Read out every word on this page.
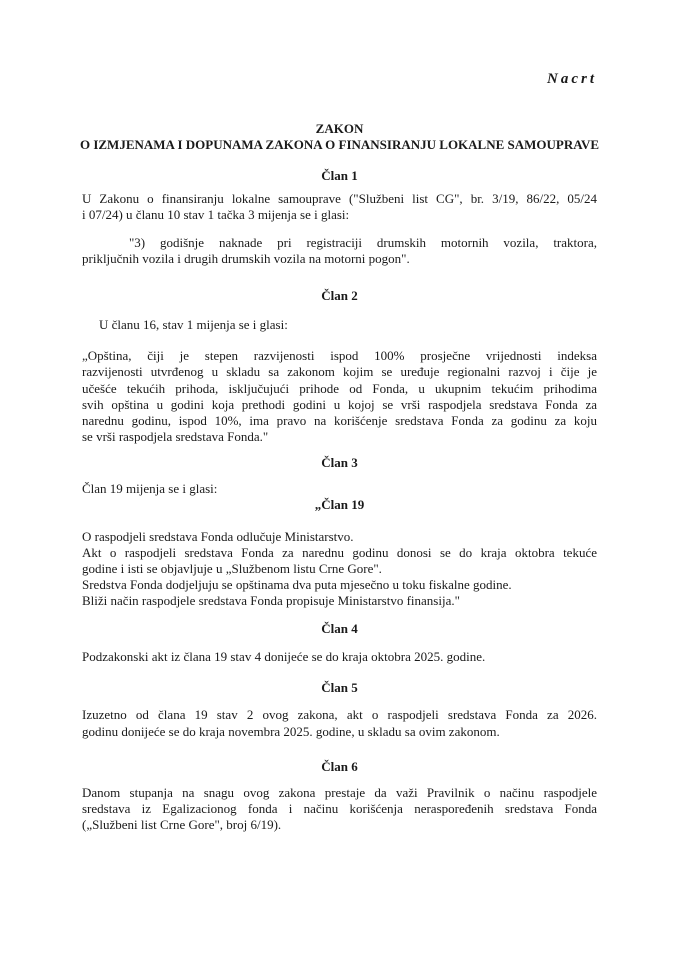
Nacrt
ZAKON
O IZMJENAMA I DOPUNAMA ZAKONA O FINANSIRANJU LOKALNE SAMOUPRAVE
Član 1
U Zakonu o finansiranju lokalne samouprave ("Službeni list CG", br. 3/19, 86/22, 05/24
i 07/24) u članu 10 stav 1 tačka 3 mijenja se i glasi:
"3) godišnje naknade pri registraciji drumskih motornih vozila, traktora,
priključnih vozila i drugih drumskih vozila na motorni pogon".
Član 2
U članu 16, stav 1 mijenja se i glasi:
„Opština, čiji je stepen razvijenosti ispod 100% prosječne vrijednosti indeksa
razvijenosti utvrđenog u skladu sa zakonom kojim se uređuje regionalni razvoj i čije je
učešće tekućih prihoda, isključujući prihode od Fonda, u ukupnim tekućim prihodima
svih opština u godini koja prethodi godini u kojoj se vrši raspodjela sredstava Fonda za
narednu godinu, ispod 10%, ima pravo na korišćenje sredstava Fonda za godinu za koju
se vrši raspodjela sredstava Fonda."
Član 3
Član 19 mijenja se i glasi:
„Član 19
O raspodjeli sredstava Fonda odlučuje Ministarstvo.
Akt o raspodjeli sredstava Fonda za narednu godinu donosi se do kraja oktobra tekuće
godine i isti se objavljuje u „Službenom listu Crne Gore".
Sredstva Fonda dodjeljuju se opštinama dva puta mjesečno u toku fiskalne godine.
Bliži način raspodjele sredstava Fonda propisuje Ministarstvo finansija."
Član 4
Podzakonski akt iz člana 19 stav 4 donijeće se do kraja oktobra 2025. godine.
Član 5
Izuzetno od člana 19 stav 2 ovog zakona, akt o raspodjeli sredstava Fonda za 2026.
godinu donijeće se do kraja novembra 2025. godine, u skladu sa ovim zakonom.
Član 6
Danom stupanja na snagu ovog zakona prestaje da važi Pravilnik o načinu raspodjele
sredstava iz Egalizacionog fonda i načinu korišćenja neraspoređenih sredstava Fonda
(„Službeni list Crne Gore", broj 6/19).
